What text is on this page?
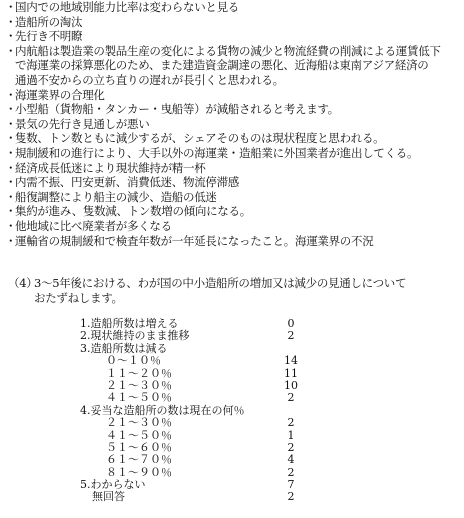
・国内での地域別能力比率は変わらないと見る
・造船所の淘汰
・先行き不明瞭
・内航船は製造業の製品生産の変化による貨物の減少と物流経費の削減による運賃低下
で海運業の採算悪化のため、また建造資金調達の悪化、近海船は東南アジア経済の
通過不安からの立ち直りの遅れが長引くと思われる。
・海運業界の合理化
・小型船（貨物船・タンカー・曳船等）が減船されると考えます。
・景気の先行き見通しが悪い
・隻数、トン数ともに減少するが、シェアそのものは現状程度と思われる。
・規制緩和の進行により、大手以外の海運業・造船業に外国業者が進出してくる。
・経済成長低迷により現状維持が精一杯
・内需不振、円安更新、消費低迷、物流停滞感
・船復調整により船主の減少、造船の低迷
・集約が進み、隻数減、トン数増の傾向になる。
・他地域に比べ廃業者が多くなる
・運輸省の規制緩和で検査年数が一年延長になったこと。海運業界の不況
（4）3〜5年後における、わが国の中小造船所の増加又は減少の見通しについて
おたずねします。
1.造船所数は増える	0
2.現状維持のまま推移	2
3.造船所数は減る
０〜１０％	14
１１〜２０％	11
２１〜３０％	10
４１〜５０％	2
4.妥当な造船所の数は現在の何％
２１〜３０％	2
４１〜５０％	1
５１〜６０％	2
６１〜７０％	4
８１〜９０％	2
5.わからない	7
無回答	2
